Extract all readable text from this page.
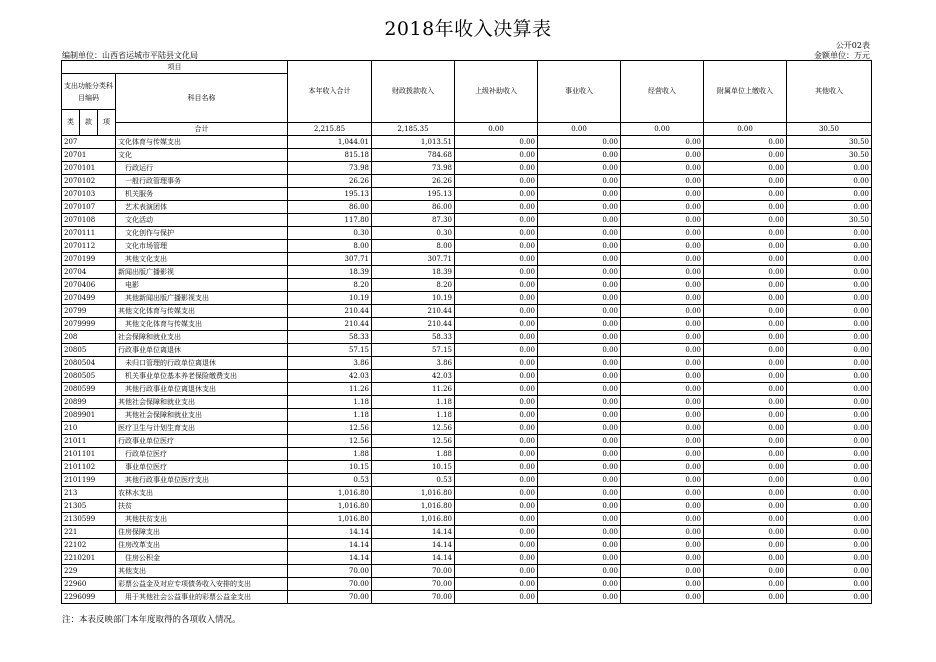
2018年收入决算表
公开02表
编制单位：山西省运城市平陆县文化局	金额单位：万元
项目				本年收入合计	财政拨款收入	上级补助收入	事业收入	经营收入	附属单位上缴收入	其他收入	
支出功能分类科目编码			科目名称								
类	款	项								
			合计	2,215.85	2,185.35	0.00	0.00	0.00	0.00	30.50	
207			文化体育与传媒支出	1,044.01	1,013.51	0.00	0.00	0.00	0.00	30.50	
20701			文化	815.18	784.68	0.00	0.00	0.00	0.00	30.50	
2070101			行政运行	73.98	73.98	0.00	0.00	0.00	0.00	0.00	
2070102			一般行政管理事务	26.26	26.26	0.00	0.00	0.00	0.00	0.00	
2070103			机关服务	195.13	195.13	0.00	0.00	0.00	0.00	0.00	
2070107			艺术表演团体	86.00	86.00	0.00	0.00	0.00	0.00	0.00	
2070108			文化活动	117.80	87.30	0.00	0.00	0.00	0.00	30.50	
2070111			文化创作与保护	0.30	0.30	0.00	0.00	0.00	0.00	0.00	
2070112			文化市场管理	8.00	8.00	0.00	0.00	0.00	0.00	0.00	
2070199			其他文化支出	307.71	307.71	0.00	0.00	0.00	0.00	0.00	
20704			新闻出版广播影视	18.39	18.39	0.00	0.00	0.00	0.00	0.00	
2070406			电影	8.20	8.20	0.00	0.00	0.00	0.00	0.00	
2070499			其他新闻出版广播影视支出	10.19	10.19	0.00	0.00	0.00	0.00	0.00	
20799			其他文化体育与传媒支出	210.44	210.44	0.00	0.00	0.00	0.00	0.00	
2079999			其他文化体育与传媒支出	210.44	210.44	0.00	0.00	0.00	0.00	0.00	
208			社会保障和就业支出	58.33	58.33	0.00	0.00	0.00	0.00	0.00	
20805			行政事业单位离退休	57.15	57.15	0.00	0.00	0.00	0.00	0.00	
2080504			未归口管理的行政单位离退休	3.86	3.86	0.00	0.00	0.00	0.00	0.00	
2080505			机关事业单位基本养老保险缴费支出	42.03	42.03	0.00	0.00	0.00	0.00	0.00	
2080599			其他行政事业单位离退休支出	11.26	11.26	0.00	0.00	0.00	0.00	0.00	
20899			其他社会保障和就业支出	1.18	1.18	0.00	0.00	0.00	0.00	0.00	
2089901			其他社会保障和就业支出	1.18	1.18	0.00	0.00	0.00	0.00	0.00	
210			医疗卫生与计划生育支出	12.56	12.56	0.00	0.00	0.00	0.00	0.00	
21011			行政事业单位医疗	12.56	12.56	0.00	0.00	0.00	0.00	0.00	
2101101			行政单位医疗	1.88	1.88	0.00	0.00	0.00	0.00	0.00	
2101102			事业单位医疗	10.15	10.15	0.00	0.00	0.00	0.00	0.00	
2101199			其他行政事业单位医疗支出	0.53	0.53	0.00	0.00	0.00	0.00	0.00	
213			农林水支出	1,016.80	1,016.80	0.00	0.00	0.00	0.00	0.00	
21305			扶贫	1,016.80	1,016.80	0.00	0.00	0.00	0.00	0.00	
2130599			其他扶贫支出	1,016.80	1,016.80	0.00	0.00	0.00	0.00	0.00	
221			住房保障支出	14.14	14.14	0.00	0.00	0.00	0.00	0.00	
22102			住房改革支出	14.14	14.14	0.00	0.00	0.00	0.00	0.00	
2210201			住房公积金	14.14	14.14	0.00	0.00	0.00	0.00	0.00	
229			其他支出	70.00	70.00	0.00	0.00	0.00	0.00	0.00	
22960			彩票公益金及对应专项债务收入安排的支出	70.00	70.00	0.00	0.00	0.00	0.00	0.00	
2296099			用于其他社会公益事业的彩票公益金支出	70.00	70.00	0.00	0.00	0.00	0.00	0.00	
注：本表反映部门本年度取得的各项收入情况。
